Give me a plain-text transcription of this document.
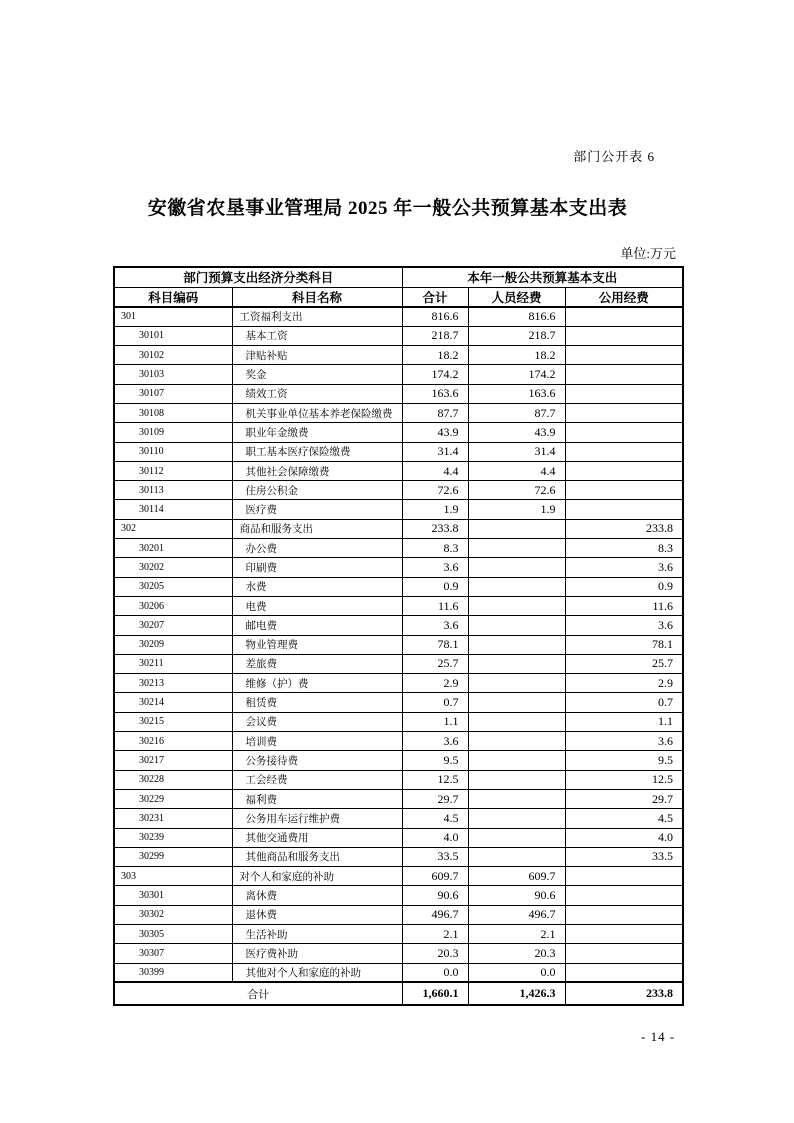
部门公开表 6
安徽省农垦事业管理局 2025 年一般公共预算基本支出表
单位:万元
部门预算支出经济分类科目		本年一般公共预算基本支出		
科目编码	科目名称	合计	人员经费	公用经费
301	工资福利支出	816.6	816.6	
30101	基本工资	218.7	218.7	
30102	津贴补贴	18.2	18.2	
30103	奖金	174.2	174.2	
30107	绩效工资	163.6	163.6	
30108	机关事业单位基本养老保险缴费	87.7	87.7	
30109	职业年金缴费	43.9	43.9	
30110	职工基本医疗保险缴费	31.4	31.4	
30112	其他社会保障缴费	4.4	4.4	
30113	住房公积金	72.6	72.6	
30114	医疗费	1.9	1.9	
302	商品和服务支出	233.8		233.8
30201	办公费	8.3		8.3
30202	印刷费	3.6		3.6
30205	水费	0.9		0.9
30206	电费	11.6		11.6
30207	邮电费	3.6		3.6
30209	物业管理费	78.1		78.1
30211	差旅费	25.7		25.7
30213	维修（护）费	2.9		2.9
30214	租赁费	0.7		0.7
30215	会议费	1.1		1.1
30216	培训费	3.6		3.6
30217	公务接待费	9.5		9.5
30228	工会经费	12.5		12.5
30229	福利费	29.7		29.7
30231	公务用车运行维护费	4.5		4.5
30239	其他交通费用	4.0		4.0
30299	其他商品和服务支出	33.5		33.5
303	对个人和家庭的补助	609.7	609.7	
30301	离休费	90.6	90.6	
30302	退休费	496.7	496.7	
30305	生活补助	2.1	2.1	
30307	医疗费补助	20.3	20.3	
30399	其他对个人和家庭的补助	0.0	0.0	
合计		1,660.1	1,426.3	233.8
- 14 -
